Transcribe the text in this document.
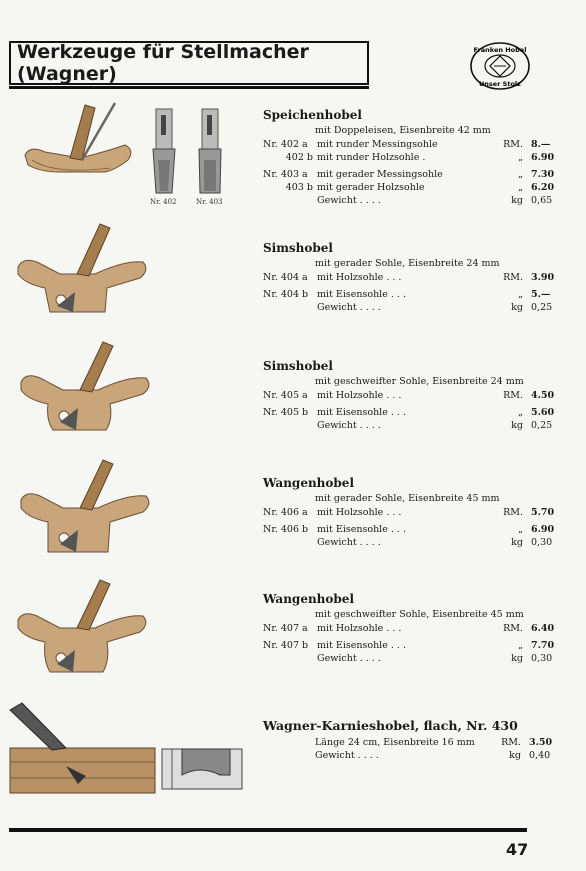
Werkzeuge für Stellmacher (Wagner)
Franken Hobel
Unser Stolz
Nr. 402	Nr. 403
Speichenhobel
mit Doppeleisen, Eisenbreite 42 mm
Nr. 402 a mit runder Messingsohle	RM. 8.—
402 b mit runder Holzsohle .	„ 6.90
Nr. 403 a mit gerader Messingsohle	„ 7.30
403 b mit gerader Holzsohle	„ 6.20
Gewicht . . . .	kg 0,65
Simshobel
mit gerader Sohle, Eisenbreite 24 mm
Nr. 404 a mit Holzsohle . . .	RM. 3.90
Nr. 404 b mit Eisensohle . . .	„ 5.—
Gewicht . . . .	kg 0,25
Simshobel
mit geschweifter Sohle, Eisenbreite 24 mm
Nr. 405 a mit Holzsohle . . .	RM. 4.50
Nr. 405 b mit Eisensohle . . .	„ 5.60
Gewicht . . . .	kg 0,25
Wangenhobel
mit gerader Sohle, Eisenbreite 45 mm
Nr. 406 a mit Holzsohle . . .	RM. 5.70
Nr. 406 b mit Eisensohle . . .	„ 6.90
Gewicht . . . .	kg 0,30
Wangenhobel
mit geschweifter Sohle, Eisenbreite 45 mm
Nr. 407 a mit Holzsohle . . .	RM. 6.40
Nr. 407 b mit Eisensohle . . .	„ 7.70
Gewicht . . . .	kg 0,30
Wagner-Karnieshobel, flach, Nr. 430
Länge 24 cm, Eisenbreite 16 mm	RM. 3.50
Gewicht . . . .	kg 0,40
47
